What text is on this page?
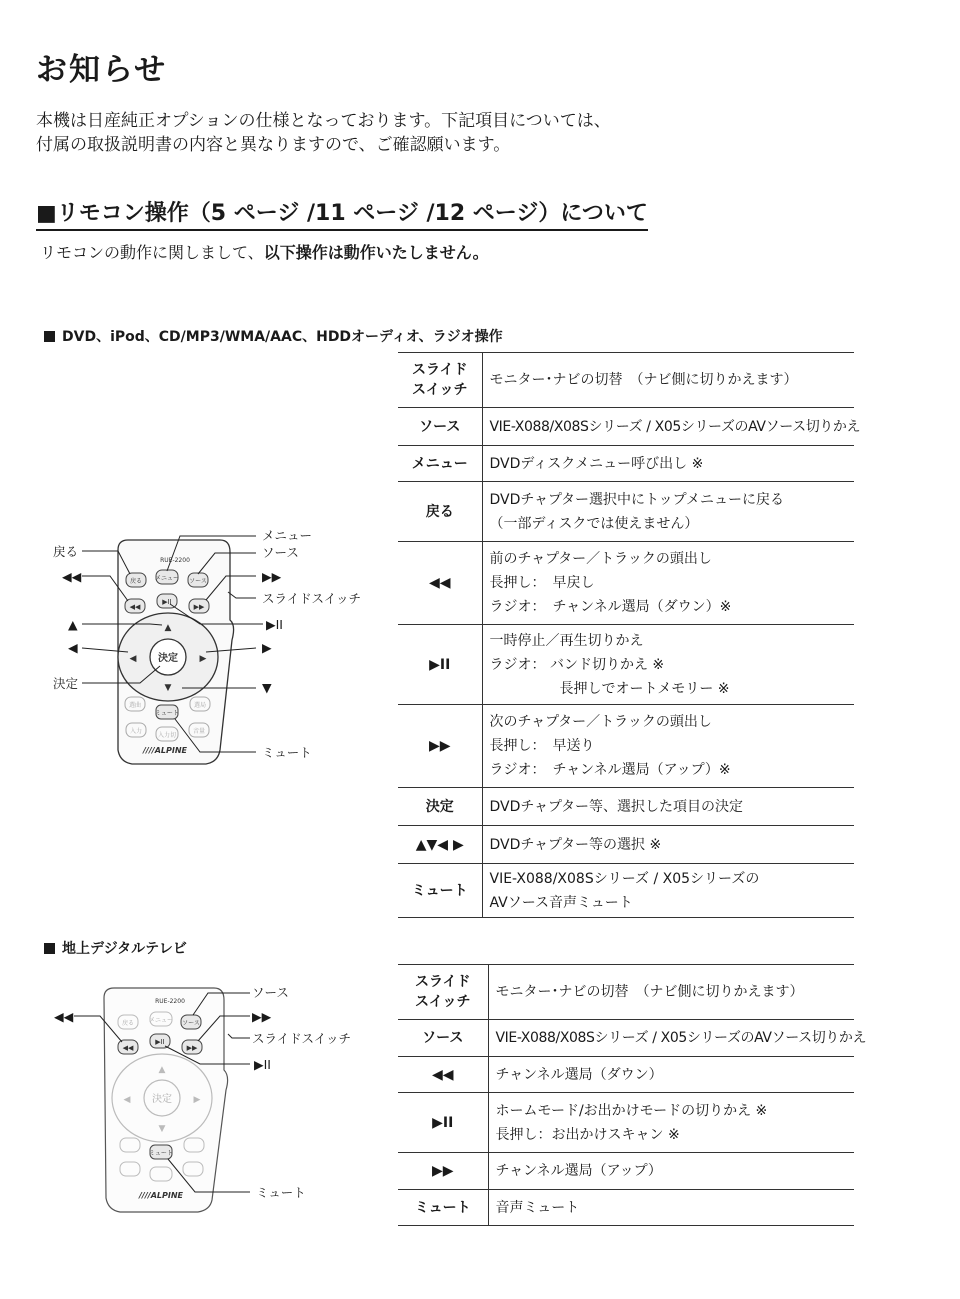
お知らせ
本機は日産純正オプションの仕様となっております。下記項目については、
付属の取扱説明書の内容と異なりますので、ご確認願います。
■リモコン操作（5 ページ /11 ページ /12 ページ）について
リモコンの動作に関しまして、以下操作は動作いたしません。
DVD、iPod、CD/MP3/WMA/AAC、HDDオーディオ、ラジオ操作
スライド
スイッチ	モニター･ナビの切替　（ナビ側に切りかえます）

ソース	VIE-X088/X08Sシリーズ / X05シリーズのAVソース切りかえ

メニュー	DVDディスクメニュー呼び出し ※

戻る	DVDチャプター選択中にトップメニューに戻る
（一部ディスクでは使えません）

◀◀	前のチャプター／トラックの頭出し
長押し：　早戻し
ラジオ：　チャンネル選局（ダウン）※

▶II	一時停止／再生切りかえ
ラジオ： バンド切りかえ ※
　　　　　長押しでオートメモリー ※

▶▶	次のチャプター／トラックの頭出し
長押し：　早送り
ラジオ：　チャンネル選局（アップ）※

決定	DVDチャプター等、選択した項目の決定

▲▼◀ ▶	DVDチャプター等の選択 ※

ミュート	VIE-X088/X08Sシリーズ / X05シリーズの
AVソース音声ミュート
RUE-2200
戻る メニュー ソース
◀◀
▶II
▶▶
▲
▼
◀	▶
決定
ミュート
選曲	選局
入力
入力切
音量
////ALPINE
メニュー
ソース
戻る
◀◀	▶▶
スライドスイッチ
▲	▶II
◀	▶
決定	▼
ミュート
地上デジタルテレビ
スライド
スイッチ	モニター･ナビの切替　（ナビ側に切りかえます）

ソース	VIE-X088/X08Sシリーズ / X05シリーズのAVソース切りかえ

◀◀	チャンネル選局（ダウン）

▶II	ホームモード/お出かけモードの切りかえ ※
長押し：お出かけスキャン ※

▶▶	チャンネル選局（アップ）

ミュート	音声ミュート
RUE-2200
ソース
◀◀
▶II
▶▶
ミュート
戻る メニュー
決定
▲
▼
◀	▶
////ALPINE
ソース
◀◀	▶▶
スライドスイッチ
▶II
ミュート
